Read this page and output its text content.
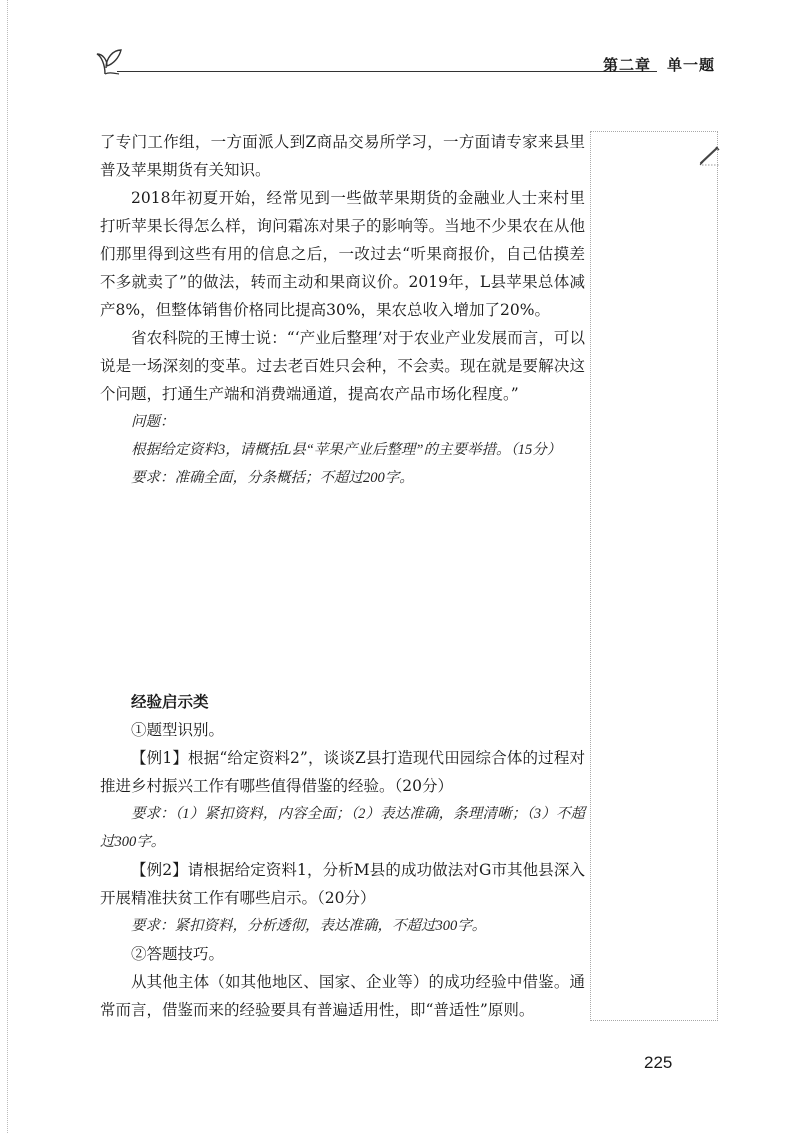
第二章　单一题

了专门工作组，一方面派人到Z商品交易所学习，一方面请专家来县里普及苹果期货有关知识。

2018年初夏开始，经常见到一些做苹果期货的金融业人士来村里打听苹果长得怎么样，询问霜冻对果子的影响等。当地不少果农在从他们那里得到这些有用的信息之后，一改过去“听果商报价，自己估摸差不多就卖了”的做法，转而主动和果商议价。2019年，L县苹果总体减产8%，但整体销售价格同比提高30%，果农总收入增加了20%。

省农科院的王博士说：“‘产业后整理’对于农业产业发展而言，可以说是一场深刻的变革。过去老百姓只会种，不会卖。现在就是要解决这个问题，打通生产端和消费端通道，提高农产品市场化程度。”

问题：

根据给定资料3，请概括L县“苹果产业后整理”的主要举措。（15分）

要求：准确全面，分条概括；不超过200字。

经验启示类

①题型识别。

【例1】根据“给定资料2”，谈谈Z县打造现代田园综合体的过程对推进乡村振兴工作有哪些值得借鉴的经验。（20分）

要求：（1）紧扣资料，内容全面；（2）表达准确，条理清晰；（3）不超过300字。

【例2】请根据给定资料1，分析M县的成功做法对G市其他县深入开展精准扶贫工作有哪些启示。（20分）

要求：紧扣资料，分析透彻，表达准确，不超过300字。

②答题技巧。

从其他主体（如其他地区、国家、企业等）的成功经验中借鉴。通常而言，借鉴而来的经验要具有普遍适用性，即“普适性”原则。

225
